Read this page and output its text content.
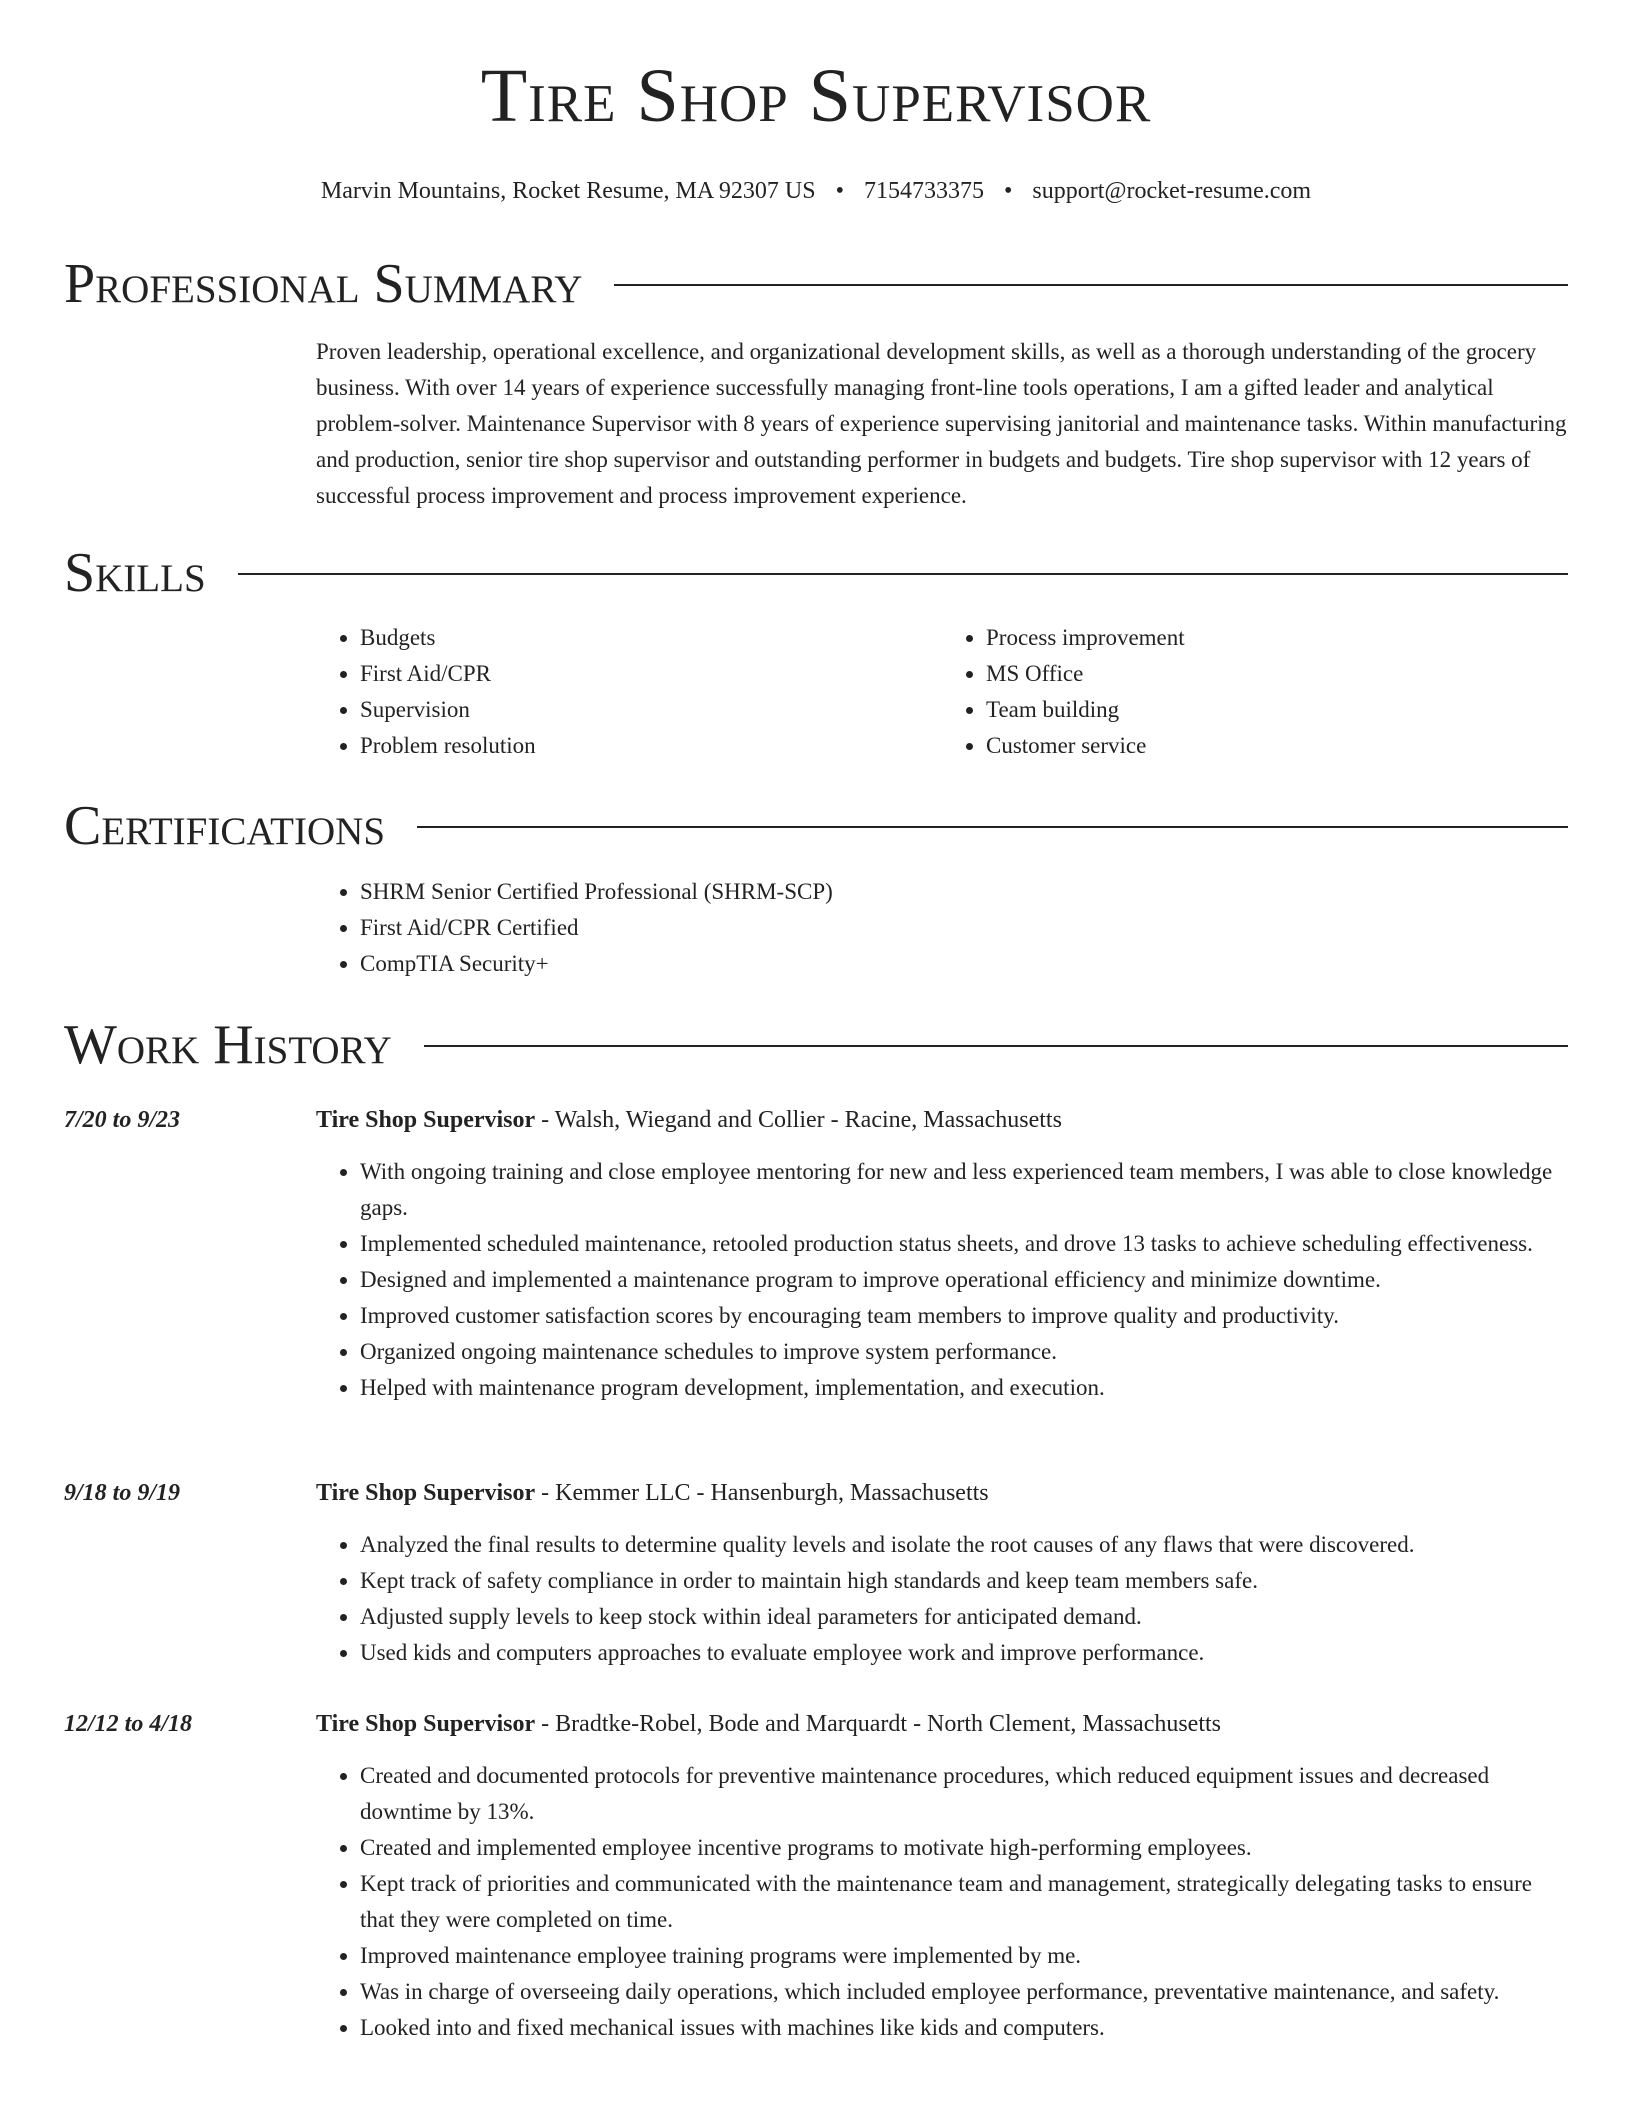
Tire Shop Supervisor
Marvin Mountains, Rocket Resume, MA 92307 US • 7154733375 • support@rocket-resume.com
Professional Summary

Proven leadership, operational excellence, and organizational development skills, as well as a thorough understanding of the grocery business. With over 14 years of experience successfully managing front-line tools operations, I am a gifted leader and analytical problem-solver. Maintenance Supervisor with 8 years of experience supervising janitorial and maintenance tasks. Within manufacturing and production, senior tire shop supervisor and outstanding performer in budgets and budgets. Tire shop supervisor with 12 years of successful process improvement and process improvement experience.

Skills
• Budgets
• First Aid/CPR
• Supervision
• Problem resolution
• Process improvement
• MS Office
• Team building
• Customer service
Certifications
• SHRM Senior Certified Professional (SHRM-SCP)
• First Aid/CPR Certified
• CompTIA Security+
Work History
7/20 to 9/23	Tire Shop Supervisor - Walsh, Wiegand and Collier - Racine, Massachusetts
• With ongoing training and close employee mentoring for new and less experienced team members, I was able to close knowledge gaps.
• Implemented scheduled maintenance, retooled production status sheets, and drove 13 tasks to achieve scheduling effectiveness.
• Designed and implemented a maintenance program to improve operational efficiency and minimize downtime.
• Improved customer satisfaction scores by encouraging team members to improve quality and productivity.
• Organized ongoing maintenance schedules to improve system performance.
• Helped with maintenance program development, implementation, and execution.
9/18 to 9/19	Tire Shop Supervisor - Kemmer LLC - Hansenburgh, Massachusetts
• Analyzed the final results to determine quality levels and isolate the root causes of any flaws that were discovered.
• Kept track of safety compliance in order to maintain high standards and keep team members safe.
• Adjusted supply levels to keep stock within ideal parameters for anticipated demand.
• Used kids and computers approaches to evaluate employee work and improve performance.
12/12 to 4/18	Tire Shop Supervisor - Bradtke-Robel, Bode and Marquardt - North Clement, Massachusetts
• Created and documented protocols for preventive maintenance procedures, which reduced equipment issues and decreased downtime by 13%.
• Created and implemented employee incentive programs to motivate high-performing employees.
• Kept track of priorities and communicated with the maintenance team and management, strategically delegating tasks to ensure that they were completed on time.
• Improved maintenance employee training programs were implemented by me.
• Was in charge of overseeing daily operations, which included employee performance, preventative maintenance, and safety.
• Looked into and fixed mechanical issues with machines like kids and computers.
